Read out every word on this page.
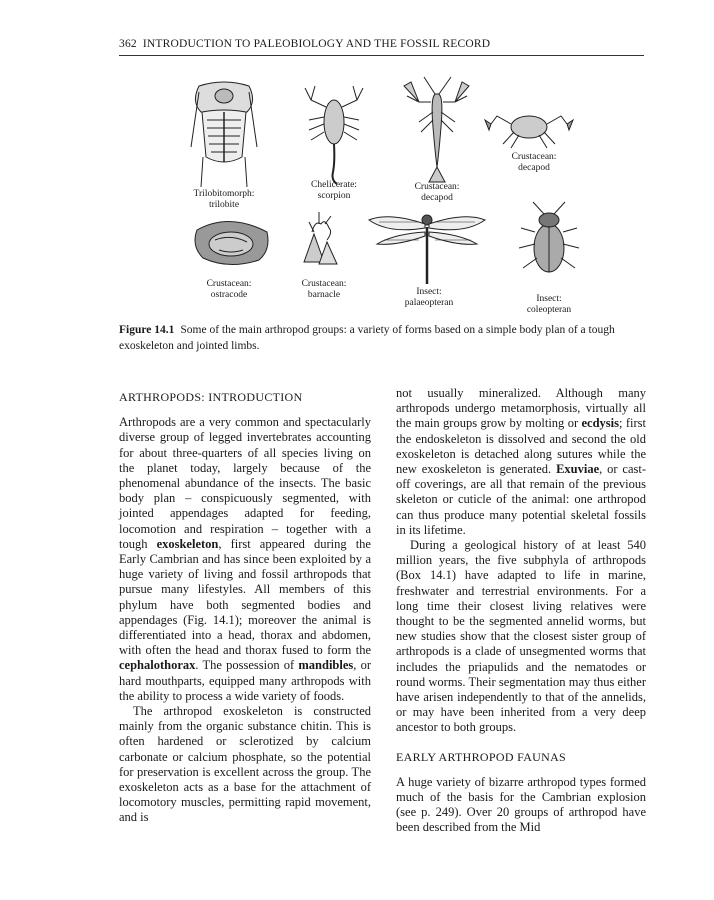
362 INTRODUCTION TO PALEOBIOLOGY AND THE FOSSIL RECORD
Trilobitomorph:
trilobite
Chelicerate:
scorpion
Crustacean:
decapod
Crustacean:
decapod
Crustacean:
ostracode
Crustacean:
barnacle	Insect:
palaeopteran	Insect:
coleopteran
Figure 14.1 Some of the main arthropod groups: a variety of forms based on a simple body plan of a tough exoskeleton and jointed limbs.
ARTHROPODS: INTRODUCTION

Arthropods are a very common and spectacularly diverse group of legged invertebrates accounting for about three-quarters of all species living on the planet today, largely because of the phenomenal abundance of the insects. The basic body plan – conspicuously segmented, with jointed appendages adapted for feeding, locomotion and respiration – together with a tough exoskeleton, first appeared during the Early Cambrian and has since been exploited by a huge variety of living and fossil arthropods that pursue many lifestyles. All members of this phylum have both segmented bodies and appendages (Fig. 14.1); moreover the animal is differentiated into a head, thorax and abdomen, with often the head and thorax fused to form the cephalothorax. The possession of mandibles, or hard mouthparts, equipped many arthropods with the ability to process a wide variety of foods.

The arthropod exoskeleton is constructed mainly from the organic substance chitin. This is often hardened or sclerotized by calcium carbonate or calcium phosphate, so the potential for preservation is excellent across the group. The exoskeleton acts as a base for the attachment of locomotory muscles, permitting rapid movement, and is

not usually mineralized. Although many arthropods undergo metamorphosis, virtually all the main groups grow by molting or ecdysis; first the endoskeleton is dissolved and second the old exoskeleton is detached along sutures while the new exoskeleton is generated. Exuviae, or cast-off coverings, are all that remain of the previous skeleton or cuticle of the animal: one arthropod can thus produce many potential skeletal fossils in its lifetime.

During a geological history of at least 540 million years, the five subphyla of arthropods (Box 14.1) have adapted to life in marine, freshwater and terrestrial environments. For a long time their closest living relatives were thought to be the segmented annelid worms, but new studies show that the closest sister group of arthropods is a clade of unsegmented worms that includes the priapulids and the nematodes or round worms. Their segmentation may thus either have arisen independently to that of the annelids, or may have been inherited from a very deep ancestor to both groups.

EARLY ARTHROPOD FAUNAS

A huge variety of bizarre arthropod types formed much of the basis for the Cambrian explosion (see p. 249). Over 20 groups of arthropod have been described from the Mid
